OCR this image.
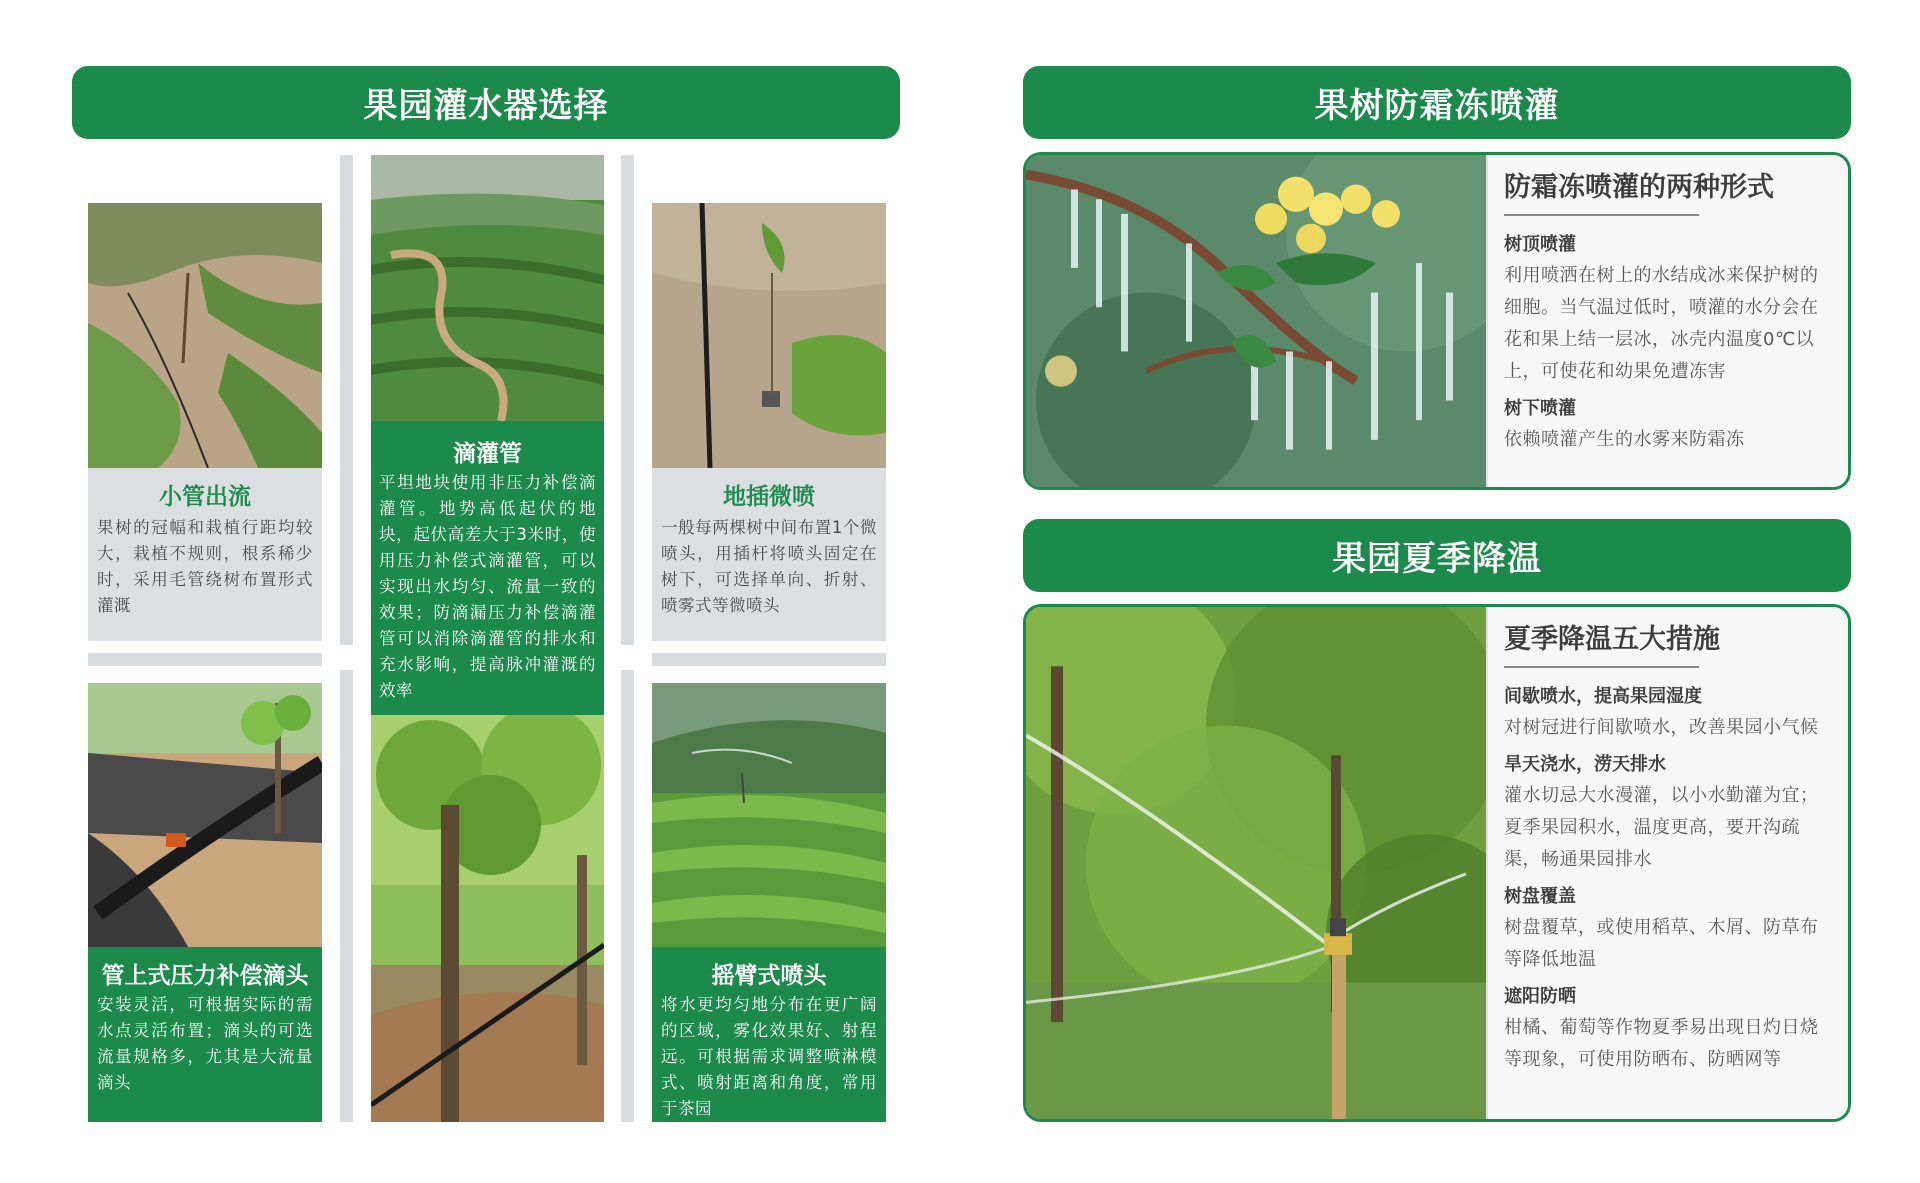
果园灌水器选择
小管出流
果树的冠幅和栽植行距均较大，栽植不规则，根系稀少时，采用毛管绕树布置形式灌溉
滴灌管
平坦地块使用非压力补偿滴灌管。地势高低起伏的地块，起伏高差大于3米时，使用压力补偿式滴灌管，可以实现出水均匀、流量一致的效果；防滴漏压力补偿滴灌管可以消除滴灌管的排水和充水影响，提高脉冲灌溉的效率
地插微喷
一般每两棵树中间布置1个微喷头，用插杆将喷头固定在树下，可选择单向、折射、喷雾式等微喷头
管上式压力补偿滴头
安装灵活，可根据实际的需水点灵活布置；滴头的可选流量规格多，尤其是大流量滴头
摇臂式喷头
将水更均匀地分布在更广阔的区域，雾化效果好、射程远。可根据需求调整喷淋模式、喷射距离和角度，常用于茶园
果树防霜冻喷灌

防霜冻喷灌的两种形式

树顶喷灌

利用喷洒在树上的水结成冰来保护树的细胞。当气温过低时，喷灌的水分会在花和果上结一层冰，冰壳内温度0℃以上，可使花和幼果免遭冻害

树下喷灌

依赖喷灌产生的水雾来防霜冻

果园夏季降温

夏季降温五大措施

间歇喷水，提高果园湿度

对树冠进行间歇喷水，改善果园小气候

旱天浇水，涝天排水

灌水切忌大水漫灌，以小水勤灌为宜；夏季果园积水，温度更高，要开沟疏渠，畅通果园排水

树盘覆盖

树盘覆草，或使用稻草、木屑、防草布等降低地温

遮阳防晒

柑橘、葡萄等作物夏季易出现日灼日烧等现象，可使用防晒布、防晒网等
